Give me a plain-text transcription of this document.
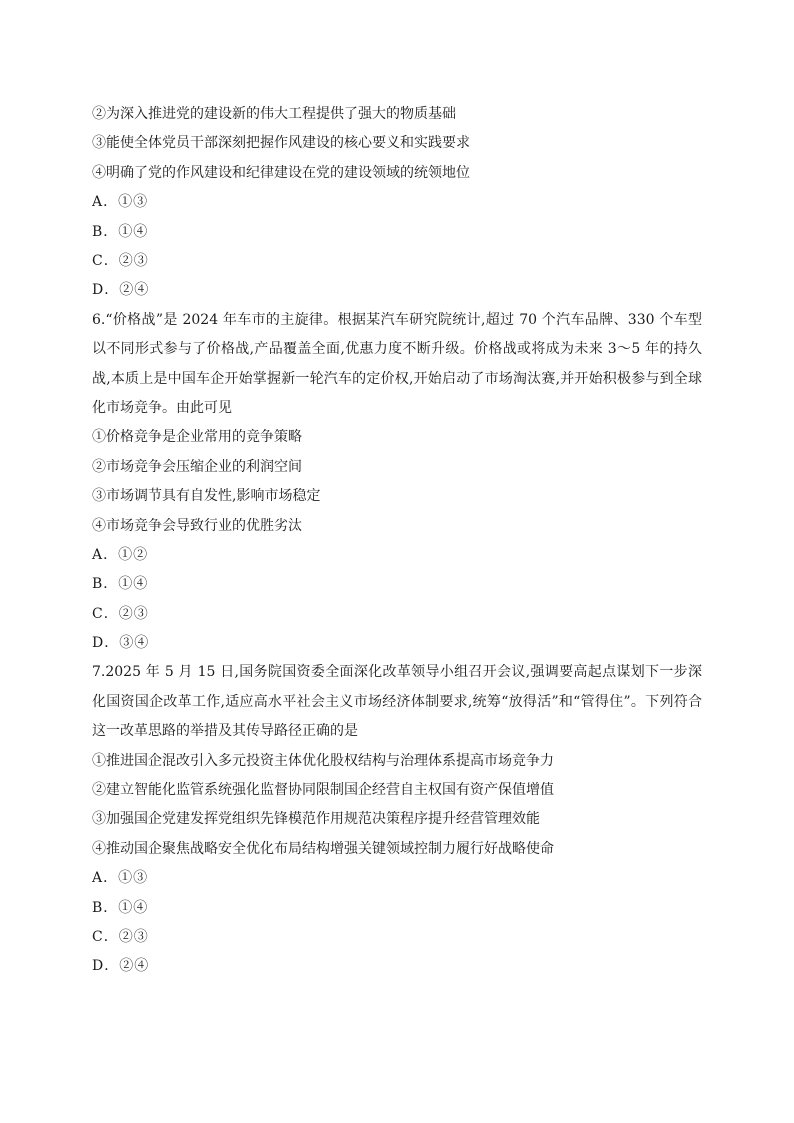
②为深入推进党的建设新的伟大工程提供了强大的物质基础
③能使全体党员干部深刻把握作风建设的核心要义和实践要求
④明确了党的作风建设和纪律建设在党的建设领域的统领地位
A．①③
B．①④
C．②③
D．②④
6.“价格战”是 2024 年车市的主旋律。根据某汽车研究院统计,超过 70 个汽车品牌、330 个车型以不同形式参与了价格战,产品覆盖全面,优惠力度不断升级。价格战或将成为未来 3～5 年的持久战,本质上是中国车企开始掌握新一轮汽车的定价权,开始启动了市场淘汰赛,并开始积极参与到全球化市场竞争。由此可见
①价格竞争是企业常用的竞争策略
②市场竞争会压缩企业的利润空间
③市场调节具有自发性,影响市场稳定
④市场竞争会导致行业的优胜劣汰
A．①②
B．①④
C．②③
D．③④
7.2025 年 5 月 15 日,国务院国资委全面深化改革领导小组召开会议,强调要高起点谋划下一步深化国资国企改革工作,适应高水平社会主义市场经济体制要求,统筹“放得活”和“管得住”。下列符合这一改革思路的举措及其传导路径正确的是
①推进国企混改引入多元投资主体优化股权结构与治理体系提高市场竞争力
②建立智能化监管系统强化监督协同限制国企经营自主权国有资产保值增值
③加强国企党建发挥党组织先锋模范作用规范决策程序提升经营管理效能
④推动国企聚焦战略安全优化布局结构增强关键领域控制力履行好战略使命
A．①③
B．①④
C．②③
D．②④
